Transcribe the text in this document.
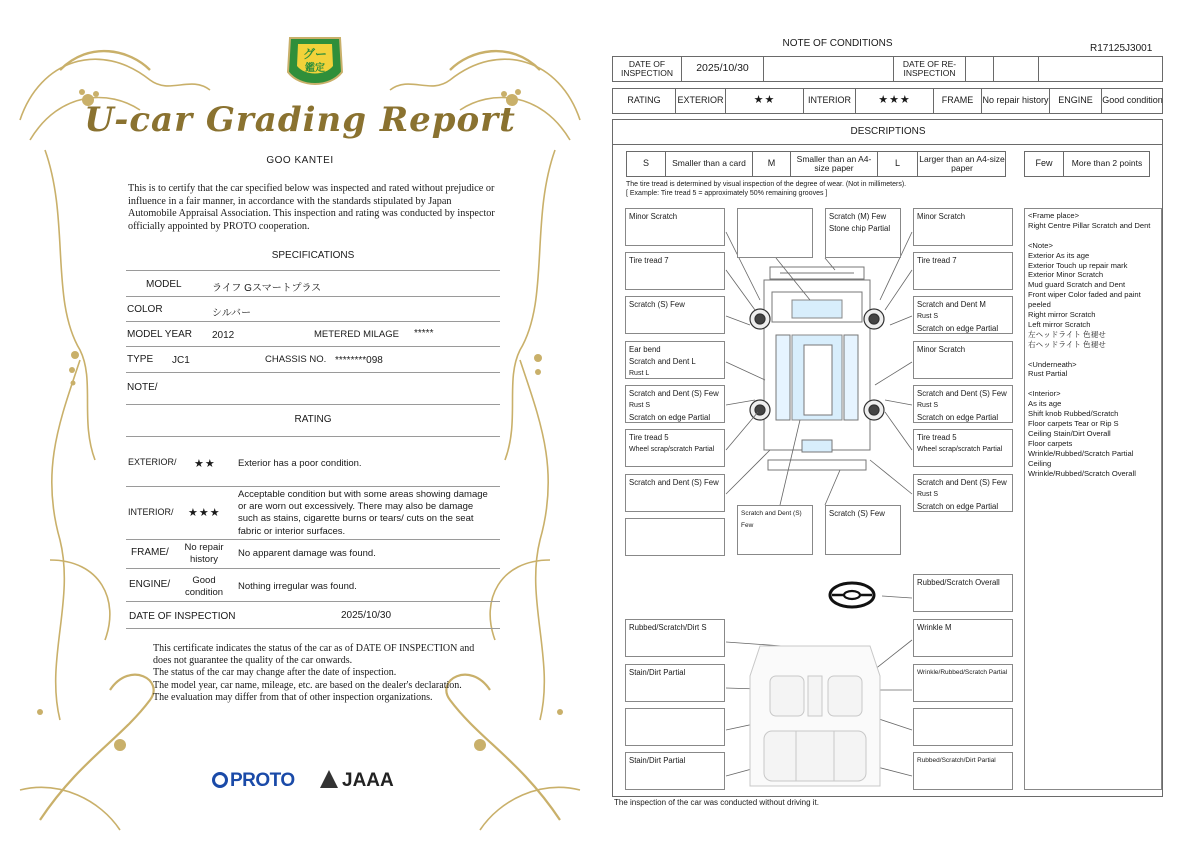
グー
鑑定
U-car Grading Report
GOO KANTEI
This is to certify that the car specified below was inspected and rated without prejudice or influence in a fair manner, in accordance with the standards stipulated by Japan Automobile Appraisal Association. This inspection and rating was conducted by inspector officially appointed by PROTO cooperation.
SPECIFICATIONS
MODEL	ライフ Gスマートプラス
COLOR	シルバー
MODEL YEAR 2012	METERED MILAGE *****
TYPE JC1	CHASSIS NO. ********098
NOTE/
RATING
EXTERIOR/ ★★ Exterior has a poor condition.
INTERIOR/ ★★★
Acceptable condition but with some areas showing damage or are worn out excessively. There may also be damage such as stains, cigarette burns or tears/ cuts on the seat fabric or interior surfaces.
FRAME/	No repair history
No apparent damage was found.
ENGINE/	Good condition
Nothing irregular was found.
DATE OF INSPECTION	2025/10/30
This certificate indicates the status of the car as of DATE OF INSPECTION and does not guarantee the quality of the car onwards.
The status of the car may change after the date of inspection.
The model year, car name, mileage, etc. are based on the dealer's declaration.
The evaluation may differ from that of other inspection organizations.
PROTO	JAAA
NOTE OF CONDITIONS	R17125J3001
DATE OF INSPECTION	2025/10/30	DATE OF RE-INSPECTION
RATING	EXTERIOR	★★	INTERIOR	★★★	FRAME	No repair history	ENGINE	Good condition
DESCRIPTIONS
S	Smaller than a card	M	Smaller than an A4-size paper	L	Larger than an A4-size paper	Few	More than 2 points
The tire tread is determined by visual inspection of the degree of wear. (Not in millimeters).
[ Example: Tire tread 5 = approximately 50% remaining grooves ]
Minor Scratch	Scratch (M) Few
Stone chip Partial
Minor Scratch
Tire tread 7	Tire tread 7
Scratch (S) Few	Scratch and Dent M
Rust S
Scratch on edge Partial
Ear bend
Scratch and Dent L
Rust L
Minor Scratch
Scratch and Dent (S) Few
Rust S
Scratch on edge Partial
Scratch and Dent (S) Few
Rust S
Scratch on edge Partial
Tire tread 5
Wheel scrap/scratch Partial
Tire tread 5
Wheel scrap/scratch Partial
Scratch and Dent (S) Few	Scratch and Dent (S) Few
Rust S
Scratch on edge Partial
Scratch and Dent (S) Few
Scratch (S) Few
Rubbed/Scratch Overall
Rubbed/Scratch/Dirt S	Wrinkle M
Stain/Dirt Partial	Wrinkle/Rubbed/Scratch Partial
Stain/Dirt Partial	Rubbed/Scratch/Dirt Partial

<Frame place>
Right Centre Pillar Scratch and Dent

<Note>
Exterior As its age
Exterior Touch up repair mark
Exterior Minor Scratch
Mud guard Scratch and Dent
Front wiper Color faded and paint peeled
Right mirror Scratch
Left mirror Scratch
左ヘッドライト 色褪せ
右ヘッドライト 色褪せ

<Underneath>
Rust Partial

<Interior>
As its age
Shift knob Rubbed/Scratch
Floor carpets Tear or Rip S
Ceiling Stain/Dirt Overall
Floor carpets
Wrinkle/Rubbed/Scratch Partial
Ceiling
Wrinkle/Rubbed/Scratch Overall

The inspection of the car was conducted without driving it.
